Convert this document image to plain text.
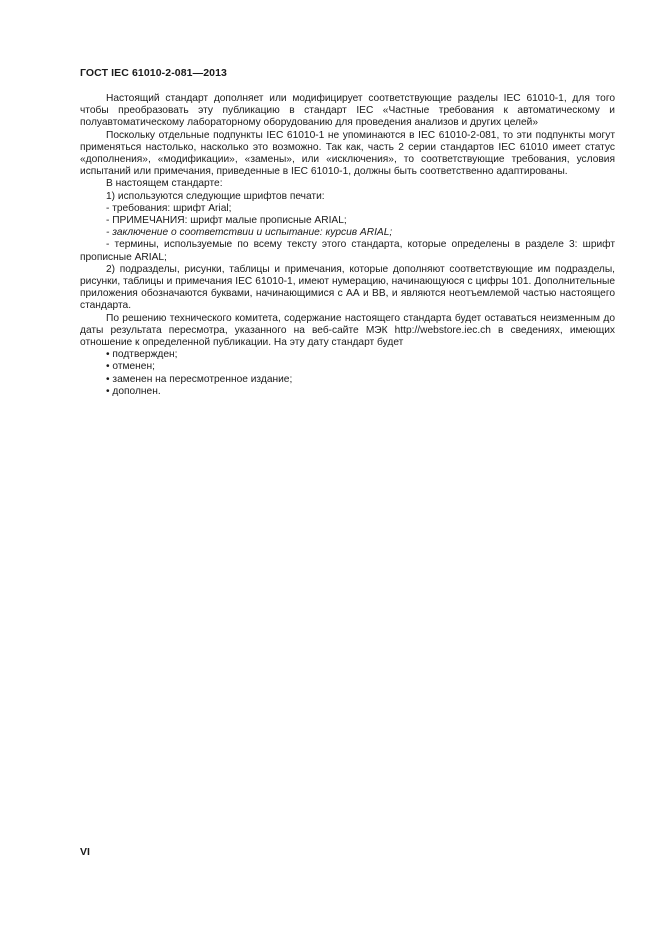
ГОСТ IEC 61010-2-081—2013

Настоящий стандарт дополняет или модифицирует соответствующие разделы IEC 61010-1, для того чтобы преобразовать эту публикацию в стандарт IEC «Частные требования к автоматическому и полуавтоматическому лабораторному оборудованию для проведения анализов и других целей»

Поскольку отдельные подпункты IEC 61010-1 не упоминаются в IEC 61010-2-081, то эти подпункты могут применяться настолько, насколько это возможно. Так как, часть 2 серии стандартов IEC 61010 имеет статус «дополнения», «модификации», «замены», или «исключения», то соответствующие требования, условия испытаний или примечания, приведенные в IEC 61010-1, должны быть соответственно адаптированы.

В настоящем стандарте:

1) используются следующие шрифтов печати:

- требования: шрифт Arial;

- ПРИМЕЧАНИЯ: шрифт малые прописные ARIAL;

- заключение о соответствии и испытание: курсив ARIAL;

- термины, используемые по всему тексту этого стандарта, которые определены в разделе 3: шрифт прописные ARIAL;

2) подразделы, рисунки, таблицы и примечания, которые дополняют соответствующие им подразделы, рисунки, таблицы и примечания IEC 61010-1, имеют нумерацию, начинающуюся с цифры 101. Дополнительные приложения обозначаются буквами, начинающимися с АА и ВВ, и являются неотъемлемой частью настоящего стандарта.

По решению технического комитета, содержание настоящего стандарта будет оставаться неизменным до даты результата пересмотра, указанного на веб-сайте МЭК http://webstore.iec.ch в сведениях, имеющих отношение к определенной публикации. На эту дату стандарт будет

• подтвержден;

• отменен;

• заменен на пересмотренное издание;

• дополнен.

VI
